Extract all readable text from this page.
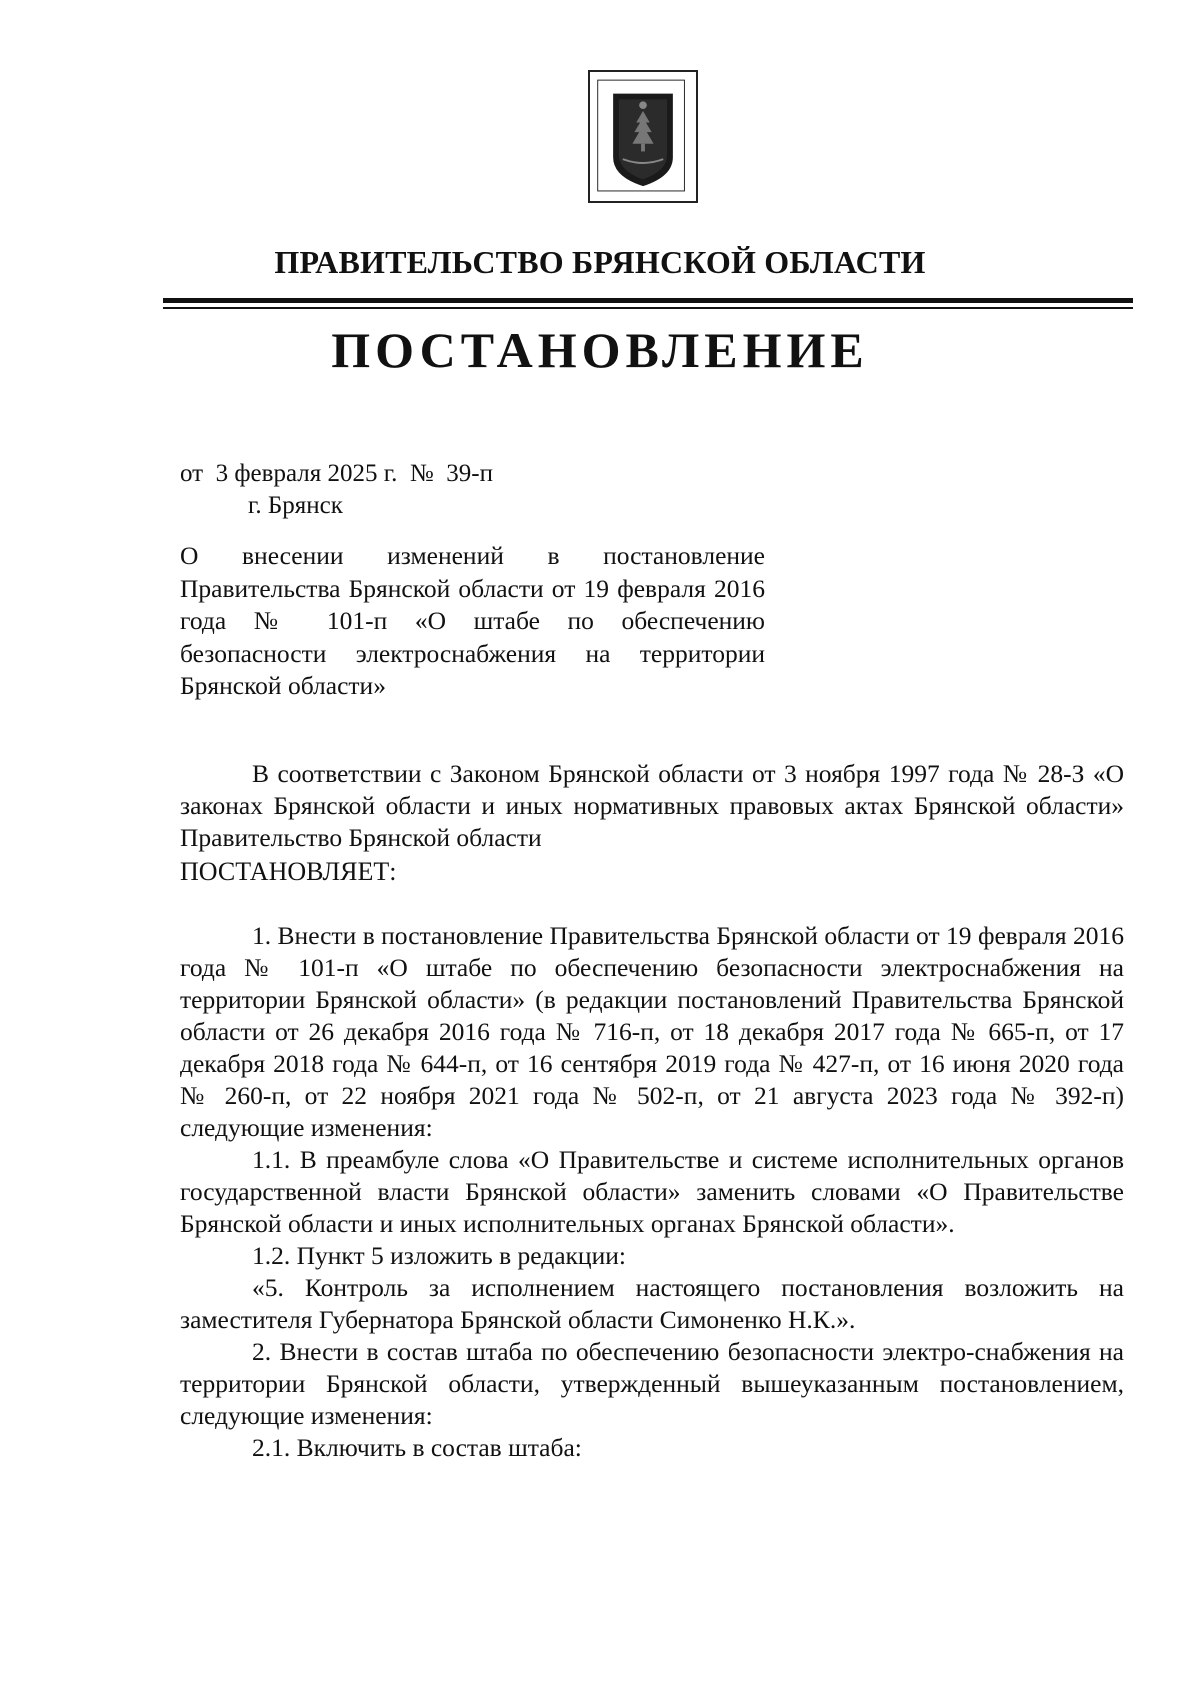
ПРАВИТЕЛЬСТВО БРЯНСКОЙ ОБЛАСТИ
ПОСТАНОВЛЕНИЕ
от  3 февраля 2025 г.  №  39-п
г. Брянск

О внесении изменений в постановление Правительства Брянской области от 19 февраля 2016 года № 101-п «О штабе по обеспечению безопасности электроснабжения на территории Брянской области»

В соответствии с Законом Брянской области от 3 ноября 1997 года № 28-З «О законах Брянской области и иных нормативных правовых актах Брянской области» Правительство Брянской области

ПОСТАНОВЛЯЕТ:

1. Внести в постановление Правительства Брянской области от 19 февраля 2016 года № 101-п «О штабе по обеспечению безопасности электроснабжения на территории Брянской области» (в редакции постановлений Правительства Брянской области от 26 декабря 2016 года № 716-п, от 18 декабря 2017 года № 665-п, от 17 декабря 2018 года № 644-п, от 16 сентября 2019 года № 427-п, от 16 июня 2020 года № 260-п, от 22 ноября 2021 года № 502-п, от 21 августа 2023 года № 392-п) следующие изменения:

1.1. В преамбуле слова «О Правительстве и системе исполнительных органов государственной власти Брянской области» заменить словами «О Правительстве Брянской области и иных исполнительных органах Брянской области».

1.2. Пункт 5 изложить в редакции:

«5. Контроль за исполнением настоящего постановления возложить на заместителя Губернатора Брянской области Симоненко Н.К.».

2. Внести в состав штаба по обеспечению безопасности электро-снабжения на территории Брянской области, утвержденный вышеуказанным постановлением, следующие изменения:

2.1. Включить в состав штаба:
